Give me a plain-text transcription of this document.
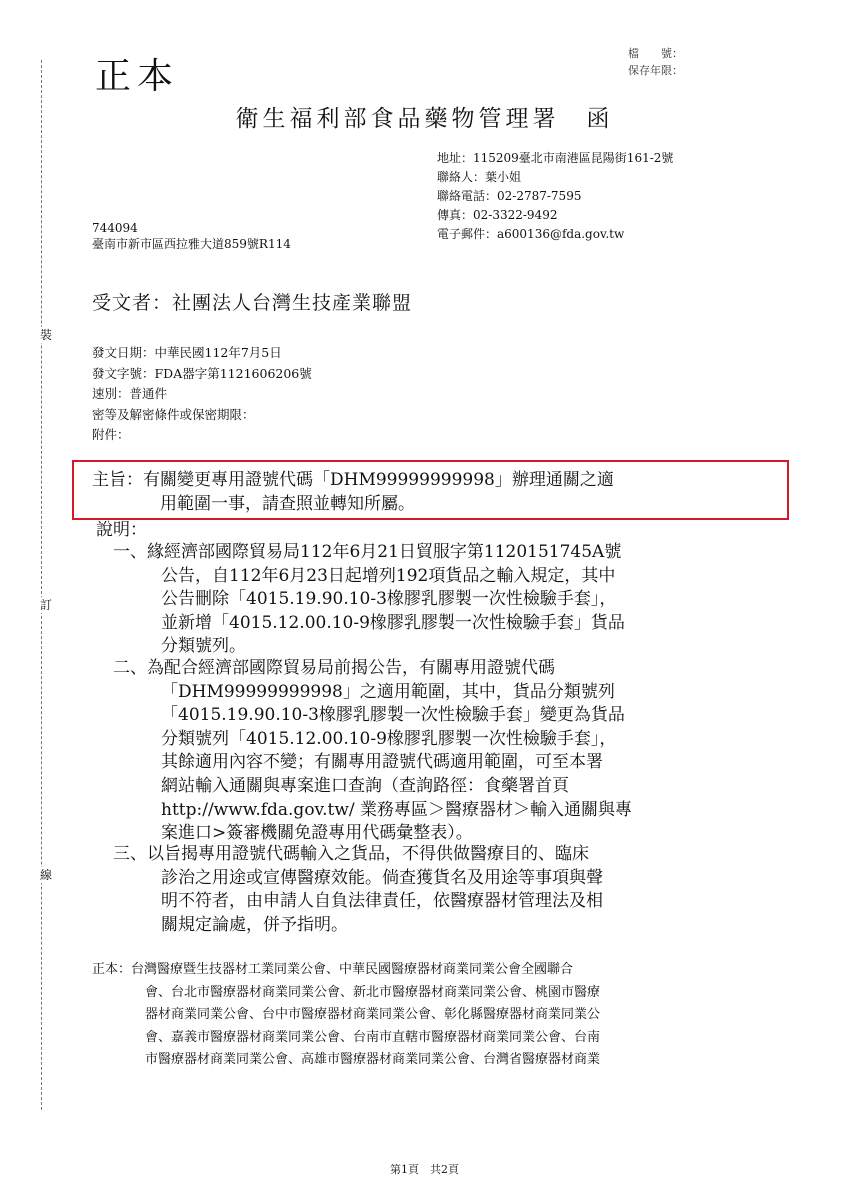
裝
訂
線
正本
檔　　號：
保存年限：
衛生福利部食品藥物管理署　函
地址：115209臺北市南港區昆陽街161-2號
聯絡人：葉小姐
聯絡電話：02-2787-7595
傳真：02-3322-9492
電子郵件：a600136@fda.gov.tw
744094
臺南市新市區西拉雅大道859號R114
受文者：社團法人台灣生技產業聯盟
發文日期：中華民國112年7月5日
發文字號：FDA器字第1121606206號
速別：普通件
密等及解密條件或保密期限：
附件：
主旨：有關變更專用證號代碼「DHM99999999998」辦理通關之適
用範圍一事，請查照並轉知所屬。
說明：
一、緣經濟部國際貿易局112年6月21日貿服字第1120151745A號
公告，自112年6月23日起增列192項貨品之輸入規定，其中
公告刪除「4015.19.90.10-3橡膠乳膠製一次性檢驗手套」，
並新增「4015.12.00.10-9橡膠乳膠製一次性檢驗手套」貨品
分類號列。
二、為配合經濟部國際貿易局前揭公告，有關專用證號代碼
「DHM99999999998」之適用範圍，其中，貨品分類號列
「4015.19.90.10-3橡膠乳膠製一次性檢驗手套」變更為貨品
分類號列「4015.12.00.10-9橡膠乳膠製一次性檢驗手套」，
其餘適用內容不變；有關專用證號代碼適用範圍，可至本署
網站輸入通關與專案進口查詢（查詢路徑：食藥署首頁
http://www.fda.gov.tw/ 業務專區＞醫療器材＞輸入通關與專
案進口>簽審機關免證專用代碼彙整表）。
三、以旨揭專用證號代碼輸入之貨品，不得供做醫療目的、臨床
診治之用途或宣傳醫療效能。倘查獲貨名及用途等事項與聲
明不符者，由申請人自負法律責任，依醫療器材管理法及相
關規定論處，併予指明。
正本：台灣醫療暨生技器材工業同業公會、中華民國醫療器材商業同業公會全國聯合
會、台北市醫療器材商業同業公會、新北市醫療器材商業同業公會、桃園市醫療
器材商業同業公會、台中市醫療器材商業同業公會、彰化縣醫療器材商業同業公
會、嘉義市醫療器材商業同業公會、台南市直轄市醫療器材商業同業公會、台南
市醫療器材商業同業公會、高雄市醫療器材商業同業公會、台灣省醫療器材商業
第1頁　共2頁
